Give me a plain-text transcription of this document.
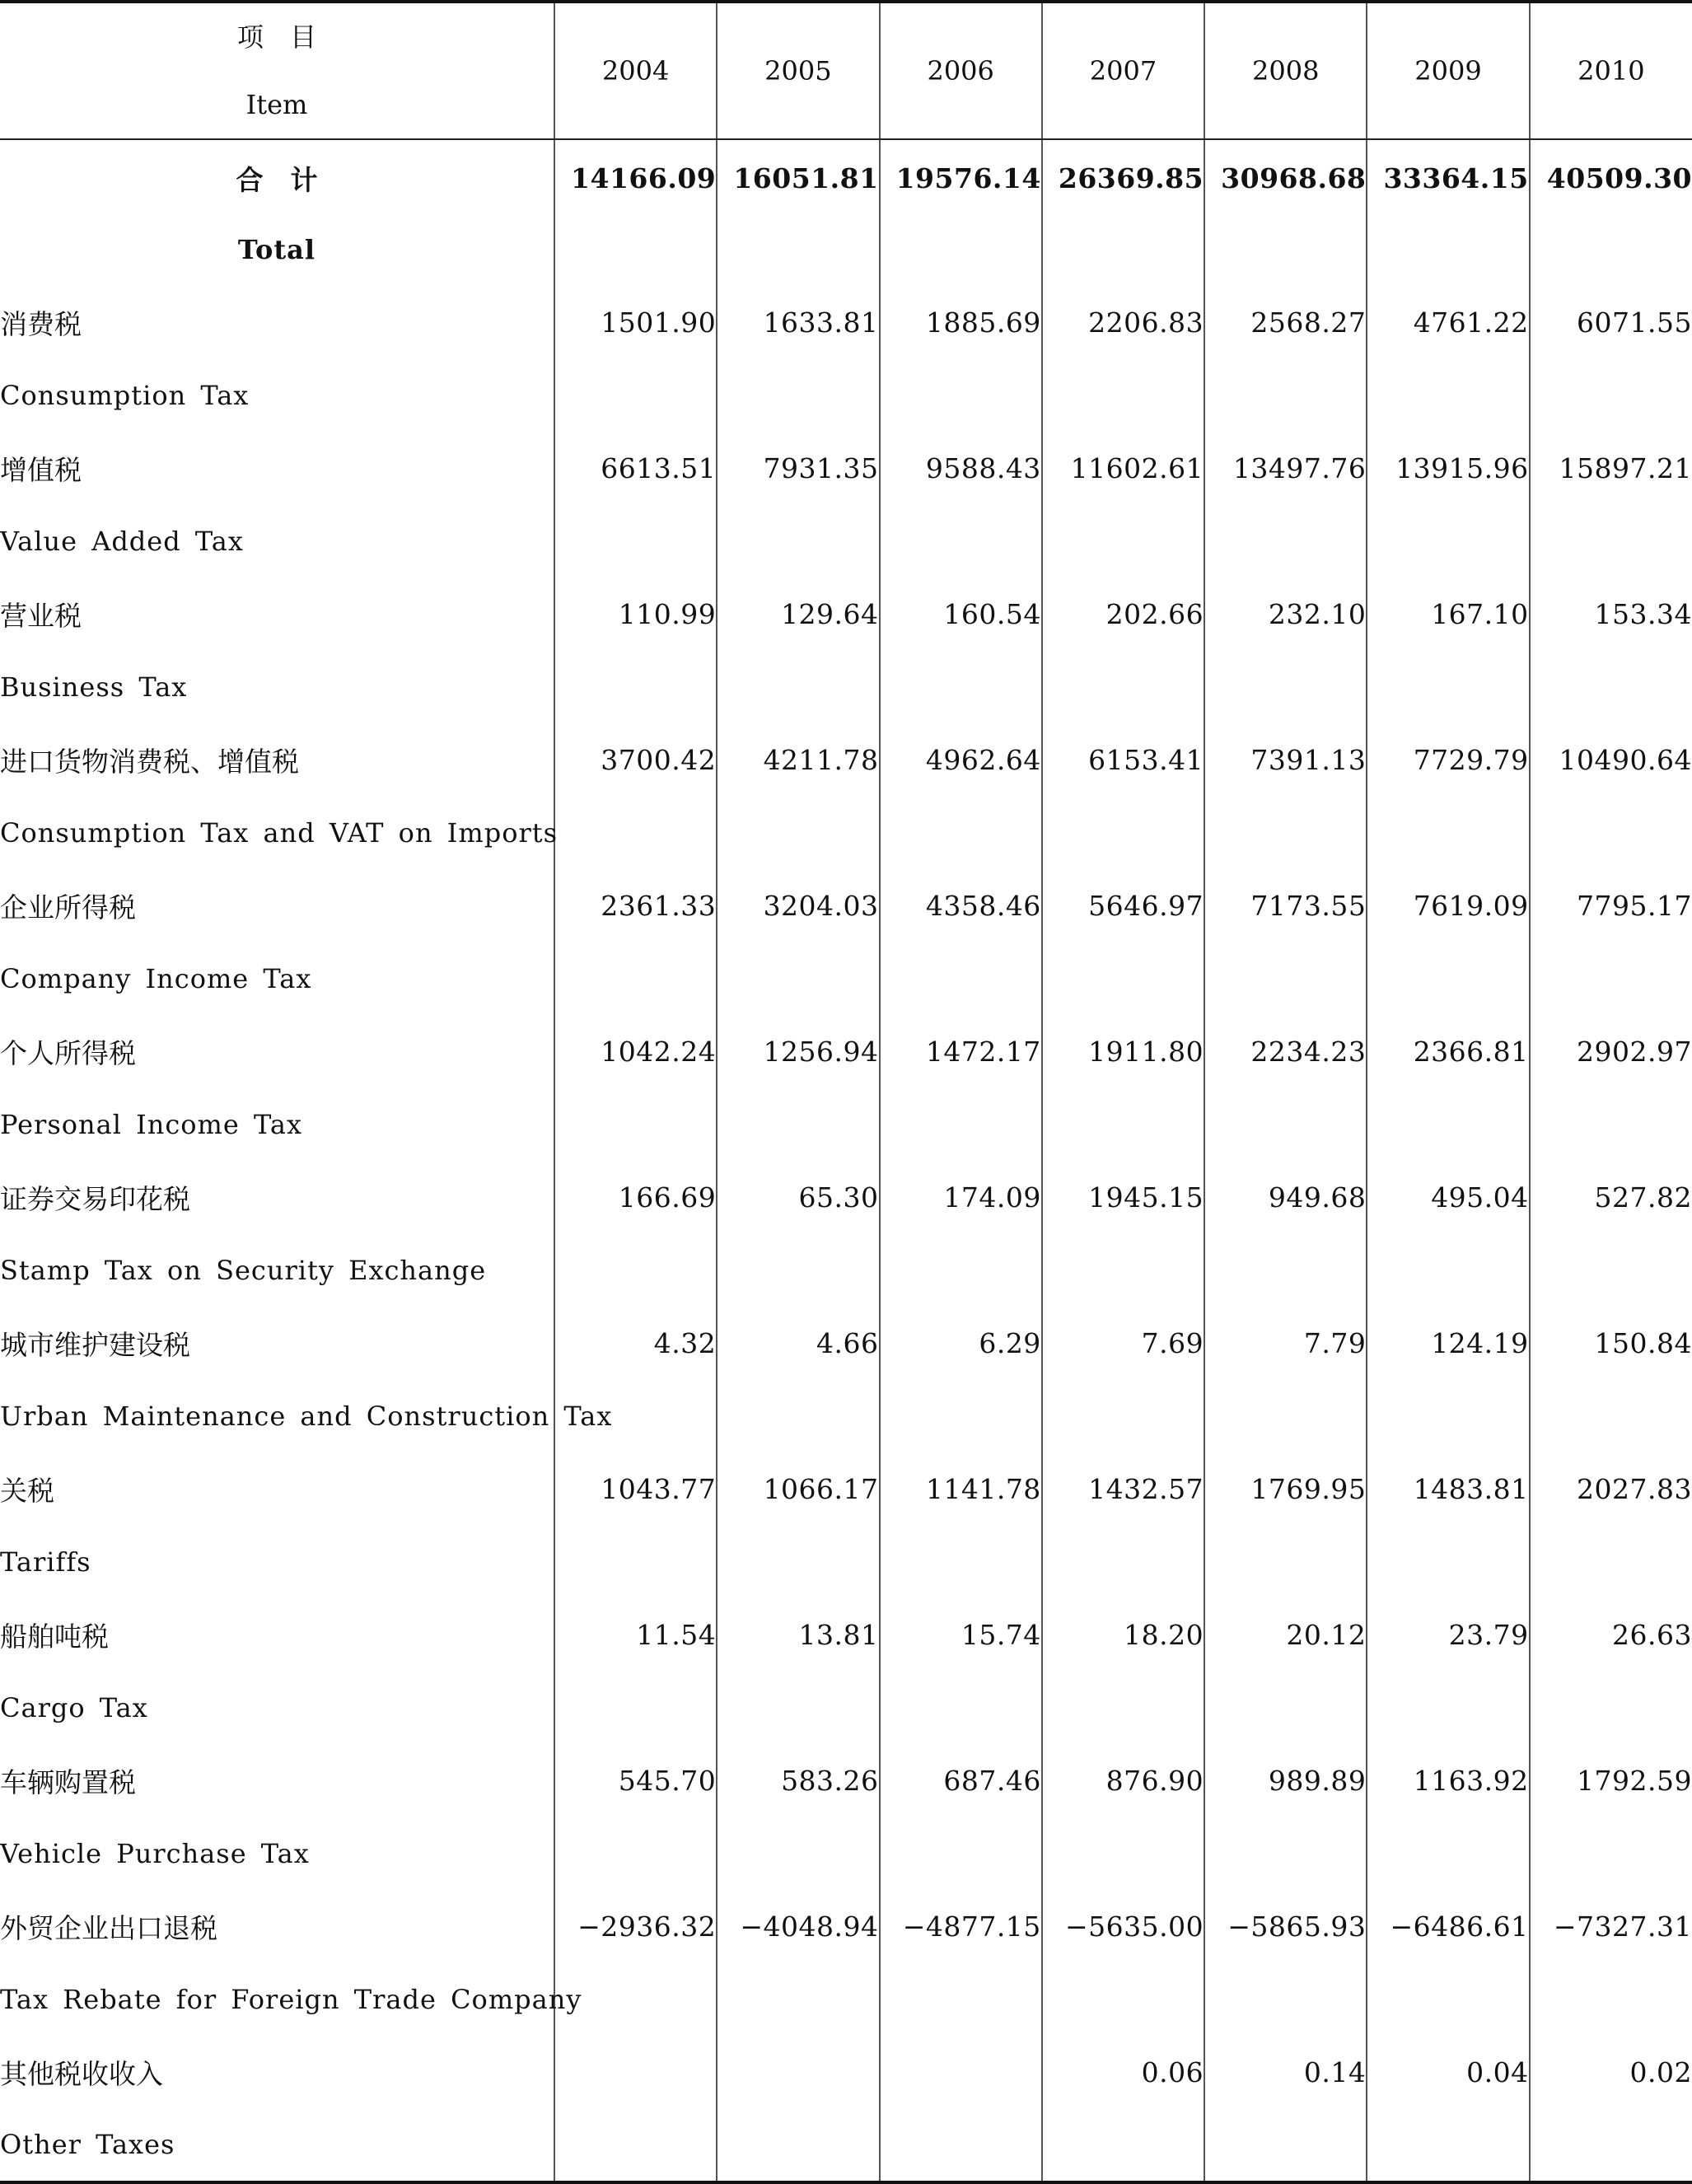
项　目
Item	2004	2005	2006	2007	2008	2009	2010
合　计	14166.09	16051.81	19576.14	26369.85	30968.68	33364.15	40509.30
Total							
消费税	1501.90	1633.81	1885.69	2206.83	2568.27	4761.22	6071.55
Consumption Tax							
增值税	6613.51	7931.35	9588.43	11602.61	13497.76	13915.96	15897.21
Value Added Tax							
营业税	110.99	129.64	160.54	202.66	232.10	167.10	153.34
Business Tax							
进口货物消费税、增值税	3700.42	4211.78	4962.64	6153.41	7391.13	7729.79	10490.64
Consumption Tax and VAT on Imports							
企业所得税	2361.33	3204.03	4358.46	5646.97	7173.55	7619.09	7795.17
Company Income Tax							
个人所得税	1042.24	1256.94	1472.17	1911.80	2234.23	2366.81	2902.97
Personal Income Tax							
证券交易印花税	166.69	65.30	174.09	1945.15	949.68	495.04	527.82
Stamp Tax on Security Exchange							
城市维护建设税	4.32	4.66	6.29	7.69	7.79	124.19	150.84
Urban Maintenance and Construction Tax							
关税	1043.77	1066.17	1141.78	1432.57	1769.95	1483.81	2027.83
Tariffs							
船舶吨税	11.54	13.81	15.74	18.20	20.12	23.79	26.63
Cargo Tax							
车辆购置税	545.70	583.26	687.46	876.90	989.89	1163.92	1792.59
Vehicle Purchase Tax							
外贸企业出口退税	−2936.32	−4048.94	−4877.15	−5635.00	−5865.93	−6486.61	−7327.31
Tax Rebate for Foreign Trade Company							
其他税收收入				0.06	0.14	0.04	0.02
Other Taxes							
